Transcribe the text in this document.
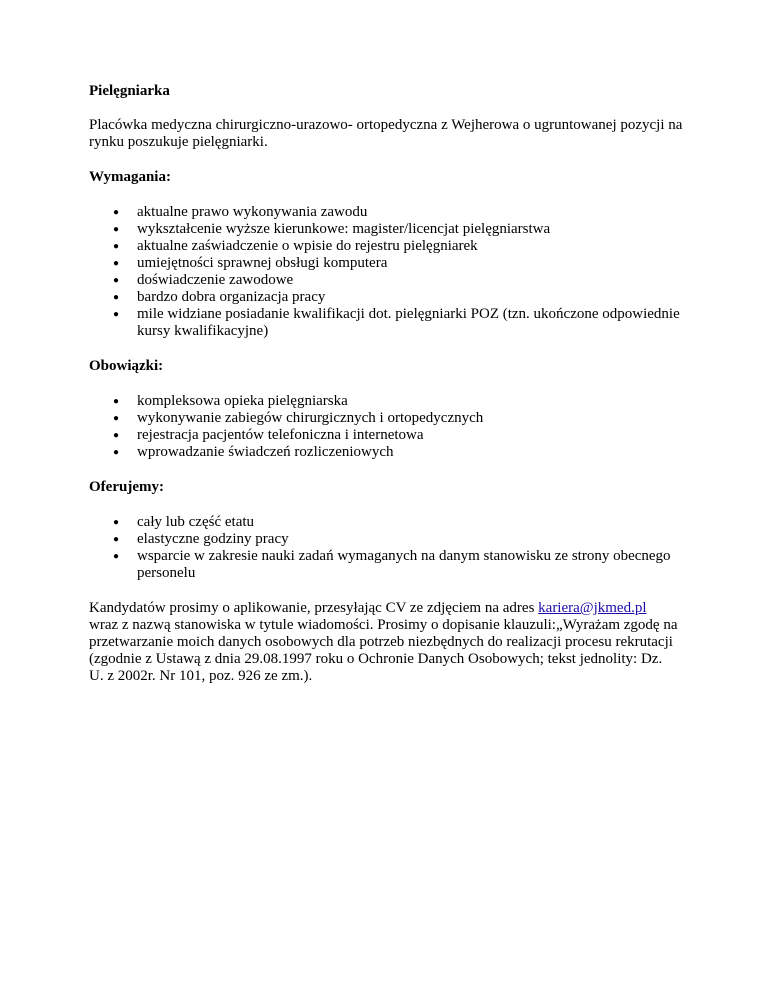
Pielęgniarka

Placówka medyczna chirurgiczno-urazowo- ortopedyczna z Wejherowa o ugruntowanej pozycji na rynku poszukuje pielęgniarki.

Wymagania:

● aktualne prawo wykonywania zawodu
● wykształcenie wyższe kierunkowe: magister/licencjat pielęgniarstwa
● aktualne zaświadczenie o wpisie do rejestru pielęgniarek
● umiejętności sprawnej obsługi komputera
● doświadczenie zawodowe
● bardzo dobra organizacja pracy
● mile widziane posiadanie kwalifikacji dot. pielęgniarki POZ (tzn. ukończone odpowiednie kursy kwalifikacyjne)

Obowiązki:

● kompleksowa opieka pielęgniarska
● wykonywanie zabiegów chirurgicznych i ortopedycznych
● rejestracja pacjentów telefoniczna i internetowa
● wprowadzanie świadczeń rozliczeniowych

Oferujemy:

● cały lub część etatu
● elastyczne godziny pracy
● wsparcie w zakresie nauki zadań wymaganych na danym stanowisku ze strony obecnego personelu

Kandydatów prosimy o aplikowanie, przesyłając CV ze zdjęciem na adres kariera@jkmed.pl wraz z nazwą stanowiska w tytule wiadomości. Prosimy o dopisanie klauzuli:„Wyrażam zgodę na przetwarzanie moich danych osobowych dla potrzeb niezbędnych do realizacji procesu rekrutacji (zgodnie z Ustawą z dnia 29.08.1997 roku o Ochronie Danych Osobowych; tekst jednolity: Dz. U. z 2002r. Nr 101, poz. 926 ze zm.).
